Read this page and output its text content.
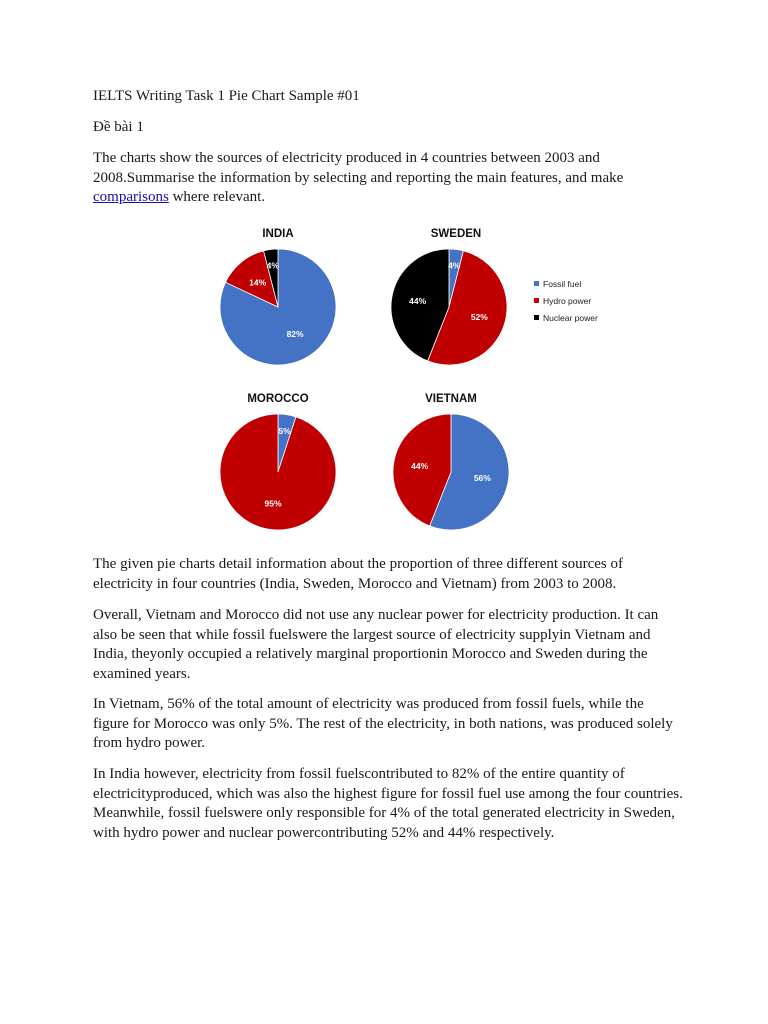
IELTS Writing Task 1 Pie Chart Sample #01
Đề bài 1
The charts show the sources of electricity produced in 4 countries between 2003 and 2008.Summarise the information by selecting and reporting the main features, and make comparisons where relevant.
INDIA
82%
14%
4%
SWEDEN
4%
52%
44%
MOROCCO
5%
95%
VIETNAM
56%
44%
Fossil fuel
Hydro power
Nuclear power

The given pie charts detail information about the proportion of three different sources of electricity in four countries (India, Sweden, Morocco and Vietnam) from 2003 to 2008.

Overall, Vietnam and Morocco did not use any nuclear power for electricity production. It can also be seen that while fossil fuelswere the largest source of electricity supplyin Vietnam and India, theyonly occupied a relatively marginal proportionin Morocco and Sweden during the examined years.

In Vietnam, 56% of the total amount of electricity was produced from fossil fuels, while the figure for Morocco was only 5%. The rest of the electricity, in both nations, was produced solely from hydro power.

In India however, electricity from fossil fuelscontributed to 82% of the entire quantity of electricityproduced, which was also the highest figure for fossil fuel use among the four countries. Meanwhile, fossil fuelswere only responsible for 4% of the total generated electricity in Sweden, with hydro power and nuclear powercontributing 52% and 44% respectively.
